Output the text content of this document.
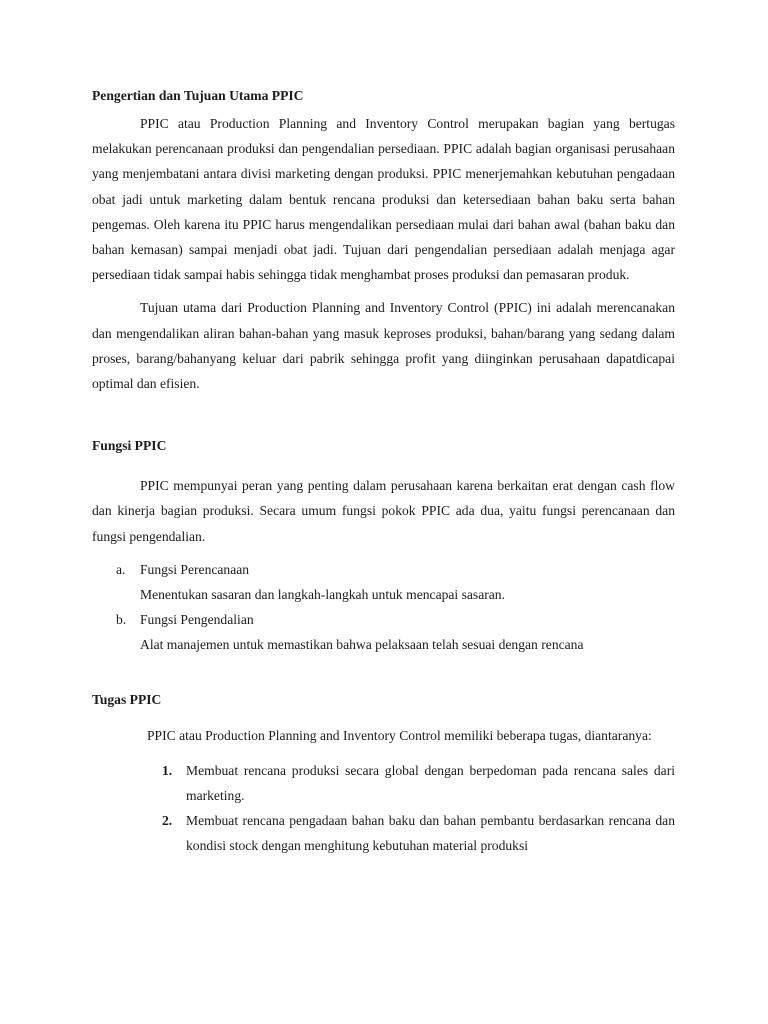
Pengertian dan Tujuan Utama PPIC

PPIC atau Production Planning and Inventory Control merupakan bagian yang bertugas melakukan perencanaan produksi dan pengendalian persediaan. PPIC adalah bagian organisasi perusahaan yang menjembatani antara divisi marketing dengan produksi. PPIC menerjemahkan kebutuhan pengadaan obat jadi untuk marketing dalam bentuk rencana produksi dan ketersediaan bahan baku serta bahan pengemas. Oleh karena itu PPIC harus mengendalikan persediaan mulai dari bahan awal (bahan baku dan bahan kemasan) sampai menjadi obat jadi. Tujuan dari pengendalian persediaan adalah menjaga agar persediaan tidak sampai habis sehingga tidak menghambat proses produksi dan pemasaran produk.

Tujuan utama dari Production Planning and Inventory Control (PPIC) ini adalah merencanakan dan mengendalikan aliran bahan-bahan yang masuk keproses produksi, bahan/barang yang sedang dalam proses, barang/bahanyang keluar dari pabrik sehingga profit yang diinginkan perusahaan dapatdicapai optimal dan efisien.

Fungsi PPIC

PPIC mempunyai peran yang penting dalam perusahaan karena berkaitan erat dengan cash flow dan kinerja bagian produksi. Secara umum fungsi pokok PPIC ada dua, yaitu fungsi perencanaan dan fungsi pengendalian.

a. Fungsi Perencanaan
Menentukan sasaran dan langkah-langkah untuk mencapai sasaran.
b. Fungsi Pengendalian
Alat manajemen untuk memastikan bahwa pelaksaan telah sesuai dengan rencana

Tugas PPIC

PPIC atau Production Planning and Inventory Control memiliki beberapa tugas, diantaranya:

1. Membuat rencana produksi secara global dengan berpedoman pada rencana sales dari marketing.
2. Membuat rencana pengadaan bahan baku dan bahan pembantu berdasarkan rencana dan kondisi stock dengan menghitung kebutuhan material produksi
